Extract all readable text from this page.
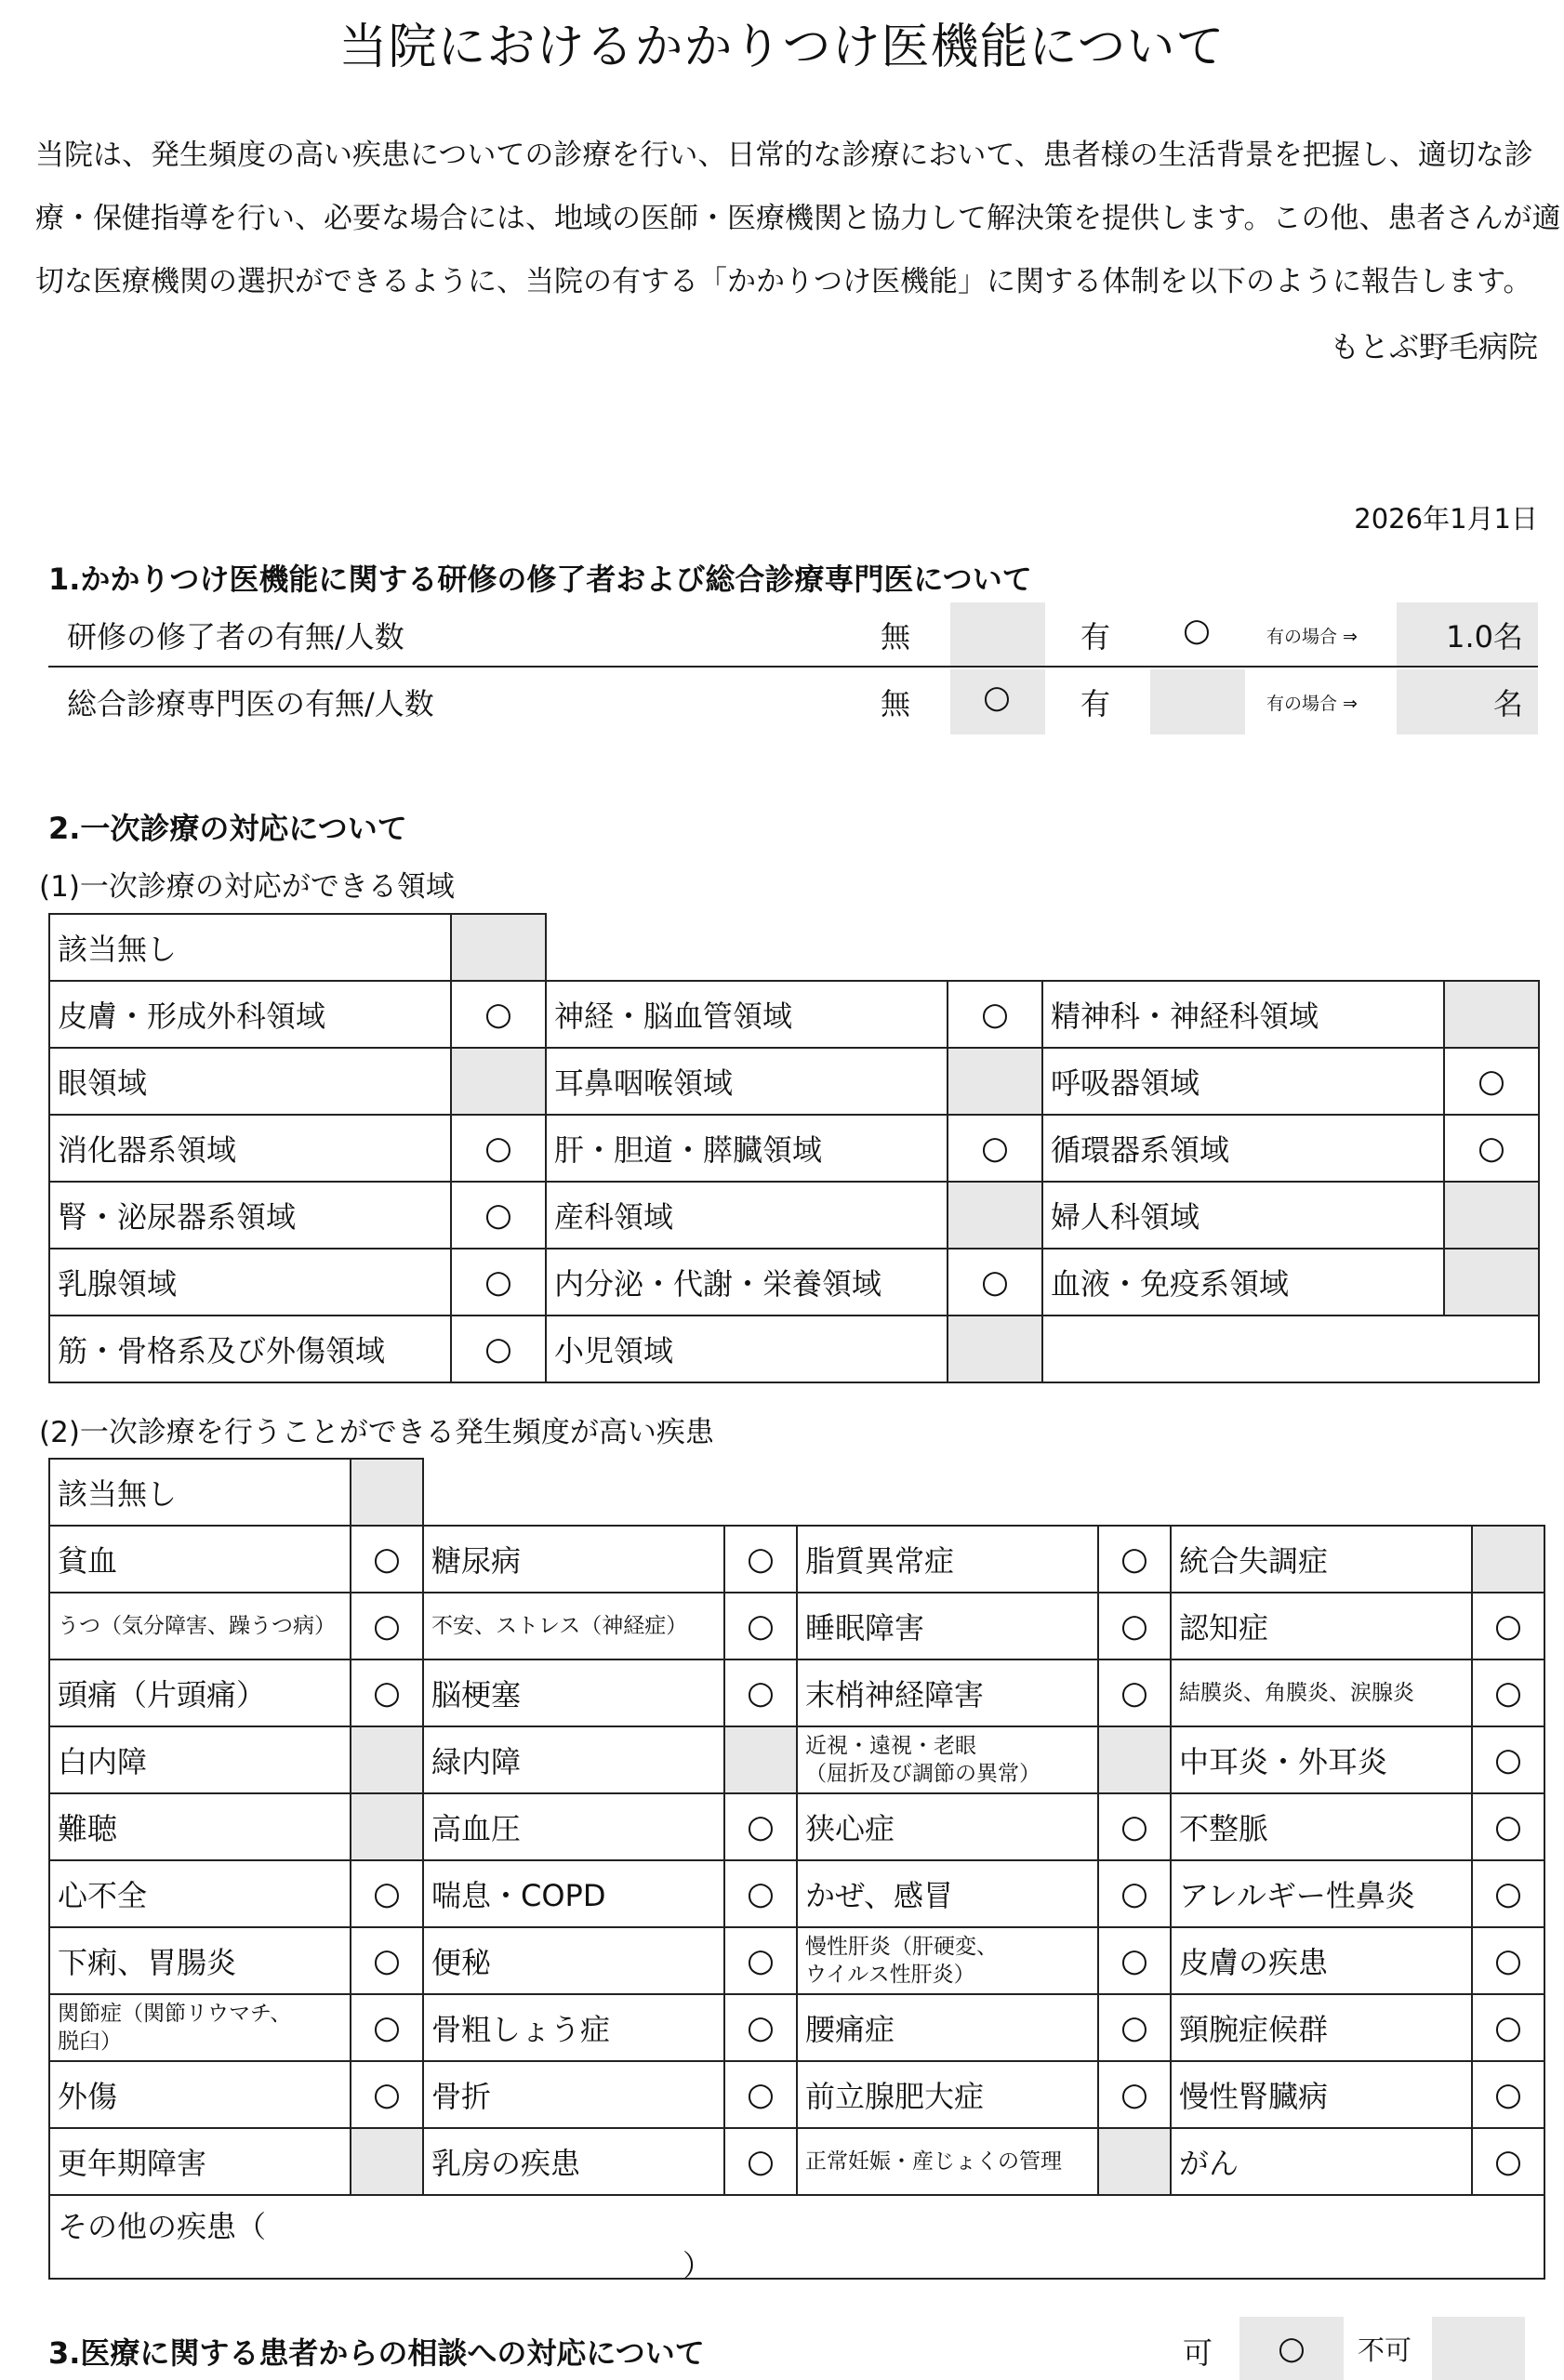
当院におけるかかりつけ医機能について

当院は、発生頻度の高い疾患についての診療を行い、日常的な診療において、患者様の生活背景を把握し、適切な診

療・保健指導を行い、必要な場合には、地域の医師・医療機関と協力して解決策を提供します。この他、患者さんが適

切な医療機関の選択ができるように、当院の有する「かかりつけ医機能」に関する体制を以下のように報告します。

もとぶ野毛病院
2026年1月1日
1.かかりつけ医機能に関する研修の修了者および総合診療専門医について
研修の修了者の有無/人数	無	有	○	有の場合 ⇒	1.0名
総合診療専門医の有無/人数	無	○	有	有の場合 ⇒	名
2.一次診療の対応について
(1)一次診療の対応ができる領域
該当無し
皮膚・形成外科領域	○	神経・脳血管領域	○	精神科・神経科領域
眼領域	耳鼻咽喉領域	呼吸器領域	○
消化器系領域	○	肝・胆道・膵臓領域	○	循環器系領域	○
腎・泌尿器系領域	○	産科領域	婦人科領域
乳腺領域	○	内分泌・代謝・栄養領域	○	血液・免疫系領域
筋・骨格系及び外傷領域	○	小児領域
(2)一次診療を行うことができる発生頻度が高い疾患
該当無し
貧血	○	糖尿病	○	脂質異常症	○	統合失調症
うつ（気分障害、躁うつ病）	○	不安、ストレス（神経症）	○	睡眠障害	○	認知症	○
頭痛（片頭痛）	○	脳梗塞	○	末梢神経障害	○	結膜炎、角膜炎、涙腺炎	○
白内障	緑内障	近視・遠視・老眼
（屈折及び調節の異常）	中耳炎・外耳炎	○
難聴	高血圧	○	狭心症	○	不整脈	○
心不全	○	喘息・COPD	○	かぜ、感冒	○	アレルギー性鼻炎	○
下痢、胃腸炎	○	便秘	○	慢性肝炎（肝硬変、
ウイルス性肝炎）	○	皮膚の疾患	○
関節症（関節リウマチ、
脱臼）	○	骨粗しょう症	○	腰痛症	○	頸腕症候群	○
外傷	○	骨折	○	前立腺肥大症	○	慢性腎臓病	○
更年期障害	乳房の疾患	○	正常妊娠・産じょくの管理	がん	○
その他の疾患（
）
3.医療に関する患者からの相談への対応について	可	○	不可
